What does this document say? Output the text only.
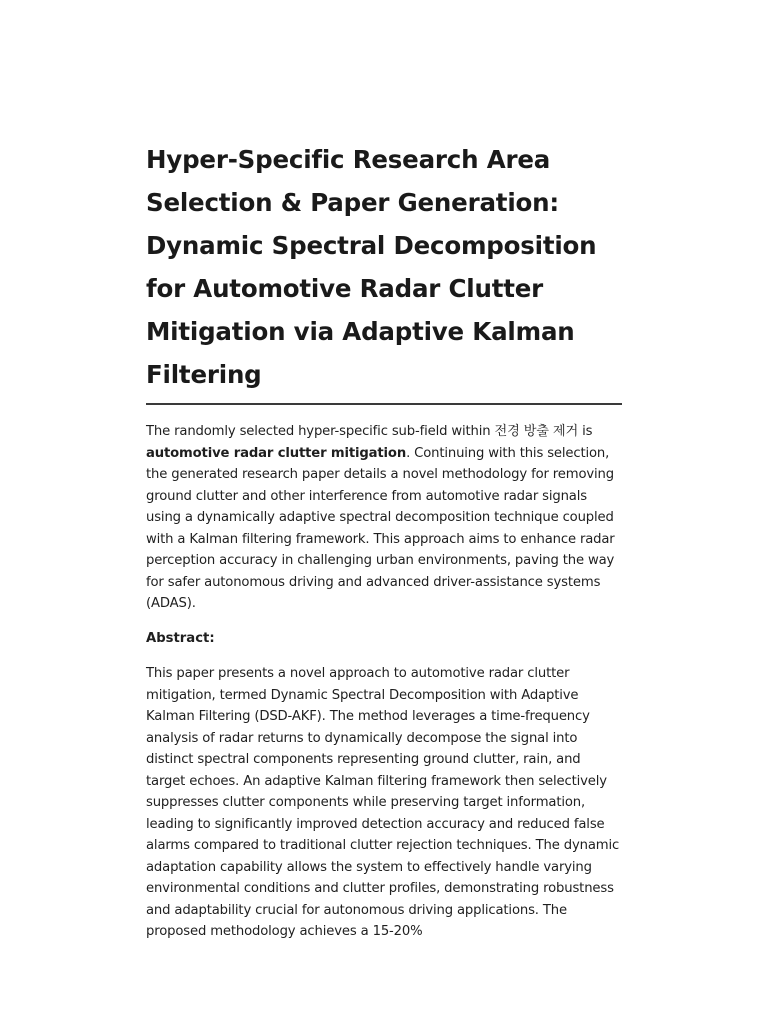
Hyper-Specific Research Area Selection & Paper Generation: Dynamic Spectral Decomposition for Automotive Radar Clutter Mitigation via Adaptive Kalman Filtering

The randomly selected hyper-specific sub-field within 전경 방출 제거 is automotive radar clutter mitigation. Continuing with this selection, the generated research paper details a novel methodology for removing ground clutter and other interference from automotive radar signals using a dynamically adaptive spectral decomposition technique coupled with a Kalman filtering framework. This approach aims to enhance radar perception accuracy in challenging urban environments, paving the way for safer autonomous driving and advanced driver-assistance systems (ADAS).

Abstract:

This paper presents a novel approach to automotive radar clutter mitigation, termed Dynamic Spectral Decomposition with Adaptive Kalman Filtering (DSD-AKF). The method leverages a time-frequency analysis of radar returns to dynamically decompose the signal into distinct spectral components representing ground clutter, rain, and target echoes. An adaptive Kalman filtering framework then selectively suppresses clutter components while preserving target information, leading to significantly improved detection accuracy and reduced false alarms compared to traditional clutter rejection techniques. The dynamic adaptation capability allows the system to effectively handle varying environmental conditions and clutter profiles, demonstrating robustness and adaptability crucial for autonomous driving applications. The proposed methodology achieves a 15-20%
